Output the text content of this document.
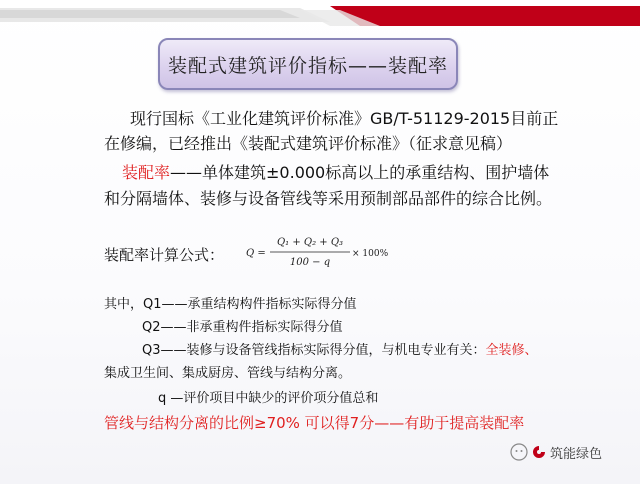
装配式建筑评价指标——装配率
现行国标《工业化建筑评价标准》GB/T-51129-2015目前正
在修编，已经推出《装配式建筑评价标准》（征求意见稿）
装配率——单体建筑±0.000标高以上的承重结构、围护墙体
和分隔墙体、装修与设备管线等采用预制部品部件的综合比例。
装配率计算公式： Q =
Q₁ + Q₂ + Q₃
100 − q
× 100%
其中，Q1——承重结构构件指标实际得分值
Q2——非承重构件指标实际得分值
Q3——装修与设备管线指标实际得分值，与机电专业有关：全装修、
集成卫生间、集成厨房、管线与结构分离。
q —评价项目中缺少的评价项分值总和
管线与结构分离的比例≥70% 可以得7分——有助于提高装配率
筑能绿色
